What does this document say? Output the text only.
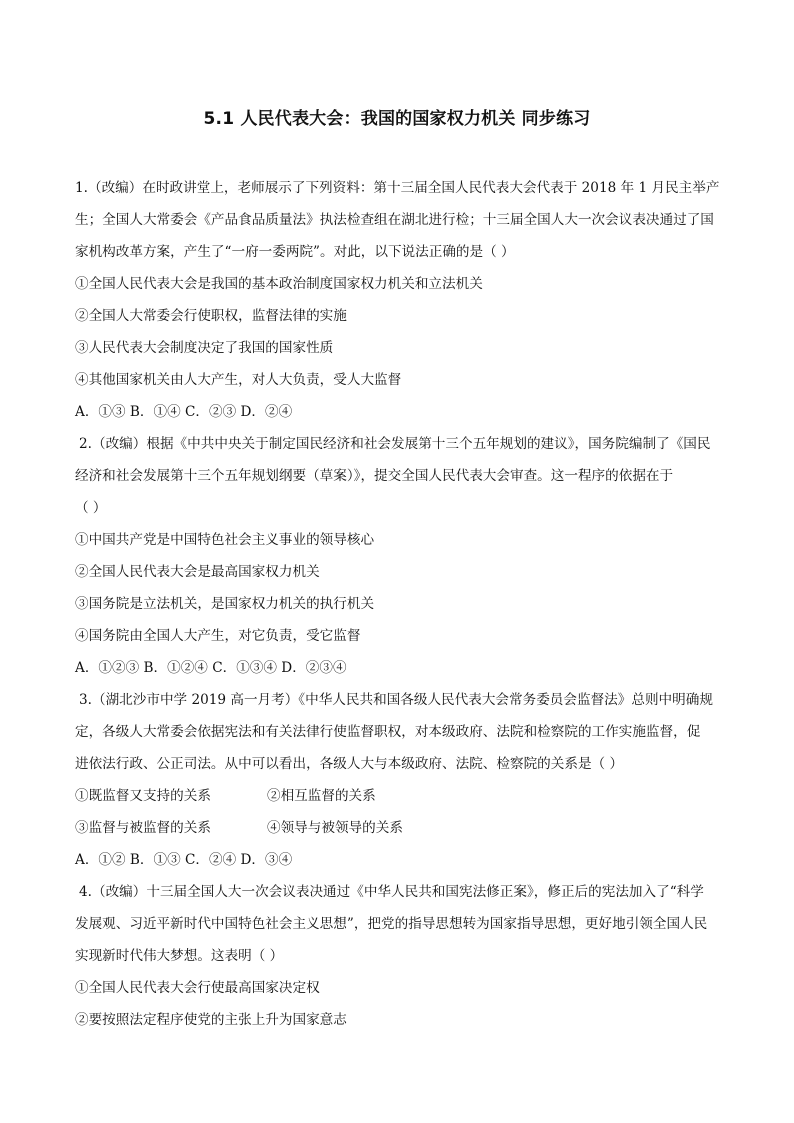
5.1 人民代表大会：我国的国家权力机关 同步练习

1.（改编）在时政讲堂上，老师展示了下列资料：第十三届全国人民代表大会代表于 2018 年 1 月民主举产

生；全国人大常委会《产品食品质量法》执法检查组在湖北进行检；十三届全国人大一次会议表决通过了国

家机构改革方案，产生了“一府一委两院”。对此，以下说法正确的是（ ）

①全国人民代表大会是我国的基本政治制度国家权力机关和立法机关

②全国人大常委会行使职权，监督法律的实施

③人民代表大会制度决定了我国的国家性质

④其他国家机关由人大产生，对人大负责，受人大监督

A．①③ B．①④ C．②③ D．②④

2.（改编）根据《中共中央关于制定国民经济和社会发展第十三个五年规划的建议》，国务院编制了《国民

经济和社会发展第十三个五年规划纲要（草案）》，提交全国人民代表大会审查。这一程序的依据在于

（ ）

①中国共产党是中国特色社会主义事业的领导核心

②全国人民代表大会是最高国家权力机关

③国务院是立法机关，是国家权力机关的执行机关

④国务院由全国人大产生，对它负责，受它监督

A．①②③ B．①②④ C．①③④ D．②③④

3.（湖北沙市中学 2019 高一月考）《中华人民共和国各级人民代表大会常务委员会监督法》总则中明确规

定，各级人大常委会依据宪法和有关法律行使监督职权，对本级政府、法院和检察院的工作实施监督，促

进依法行政、公正司法。从中可以看出，各级人大与本级政府、法院、检察院的关系是（ ）

①既监督又支持的关系	②相互监督的关系
③监督与被监督的关系	④领导与被领导的关系

A．①② B．①③ C．②④ D．③④

4.（改编）十三届全国人大一次会议表决通过《中华人民共和国宪法修正案》，修正后的宪法加入了“科学

发展观、习近平新时代中国特色社会主义思想”，把党的指导思想转为国家指导思想，更好地引领全国人民

实现新时代伟大梦想。这表明（ ）

①全国人民代表大会行使最高国家决定权

②要按照法定程序使党的主张上升为国家意志
